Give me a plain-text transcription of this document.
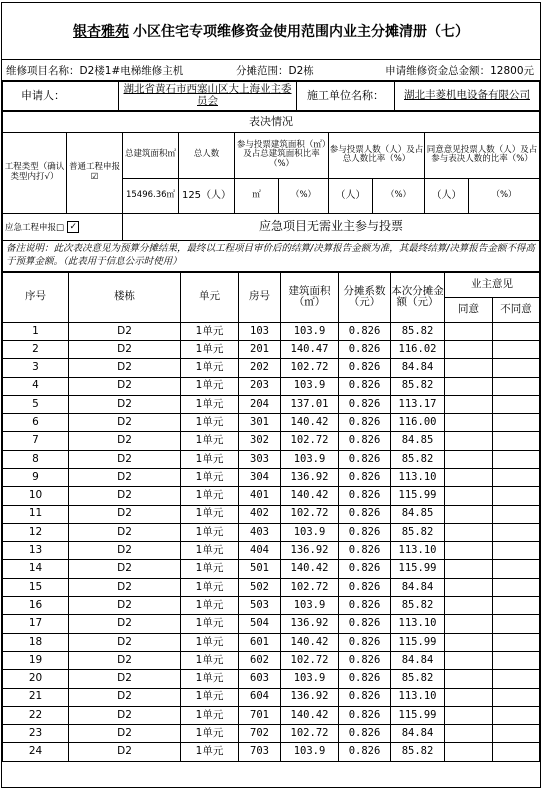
银杏雅苑 小区住宅专项维修资金使用范围内业主分摊清册（七）
维修项目名称：D2楼1#电梯维修主机	分摊范围：D2栋	申请维修资金总金额：12800元
申请人：	湖北省黄石市西塞山区大上海业主委员会	施工单位名称：	湖北丰菱机电设备有限公司
表决情况									
工程类型（确认类型内打√）	普通工程申报☑	总建筑面积㎡	总人数	参与投票建筑面积（㎡）及占总建筑面积比率（%）		参与投票人数（人）及占总人数比率（%）		同意意见投票人数（人）及占参与表决人数的比率（%）	
		15496.36㎡	125（人）	㎡	（%）	（人）	（%）	（人）	（%）
应急工程申报□ ✓		应急项目无需业主参与投票							
备注说明：此次表决意见为预算分摊结果，最终以工程项目审价后的结算/决算报告金额为准，其最终结算/决算报告金额不得高于预算金额。（此表用于信息公示时使用）									
序号	楼栋	单元	房号	建筑面积（㎡）	分摊系数（元）	本次分摊金额（元）	业主意见	
							同意	不同意
1	D2	1单元	103	103.9	0.826	85.82		
2	D2	1单元	201	140.47	0.826	116.02		
3	D2	1单元	202	102.72	0.826	84.84		
4	D2	1单元	203	103.9	0.826	85.82		
5	D2	1单元	204	137.01	0.826	113.17		
6	D2	1单元	301	140.42	0.826	116.00		
7	D2	1单元	302	102.72	0.826	84.85		
8	D2	1单元	303	103.9	0.826	85.82		
9	D2	1单元	304	136.92	0.826	113.10		
10	D2	1单元	401	140.42	0.826	115.99		
11	D2	1单元	402	102.72	0.826	84.85		
12	D2	1单元	403	103.9	0.826	85.82		
13	D2	1单元	404	136.92	0.826	113.10		
14	D2	1单元	501	140.42	0.826	115.99		
15	D2	1单元	502	102.72	0.826	84.84		
16	D2	1单元	503	103.9	0.826	85.82		
17	D2	1单元	504	136.92	0.826	113.10		
18	D2	1单元	601	140.42	0.826	115.99		
19	D2	1单元	602	102.72	0.826	84.84		
20	D2	1单元	603	103.9	0.826	85.82		
21	D2	1单元	604	136.92	0.826	113.10		
22	D2	1单元	701	140.42	0.826	115.99		
23	D2	1单元	702	102.72	0.826	84.84		
24	D2	1单元	703	103.9	0.826	85.82		
